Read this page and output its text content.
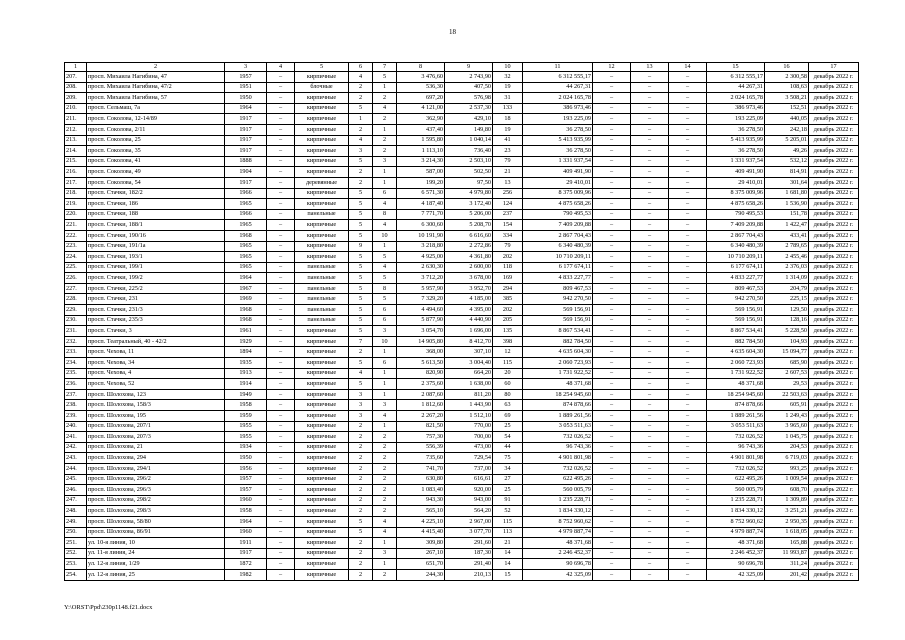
18
1	2	3	4	5	6	7	8	9	10	11	12	13	14	15	16	17
207.	просп. Михаила Нагибина, 47	1957	–	кирпичные	4	5	3 476,60	2 743,90	32	6 312 555,17	–	–	–	6 312 555,17	2 300,58	декабрь 2022 г.
208.	просп. Михаила Нагибина, 47/2	1951	–	блочные	2	1	536,30	407,50	19	44 267,31	–	–	–	44 267,31	108,63	декабрь 2022 г.
209.	просп. Михаила Нагибина, 57	1950	–	кирпичные	2	2	697,20	576,98	31	2 024 165,78	–	–	–	2 024 165,78	3 508,21	декабрь 2022 г.
210.	просп. Сельмаш, 7а	1964	–	кирпичные	5	4	4 121,00	2 537,30	133	386 973,46	–	–	–	386 973,46	152,51	декабрь 2022 г.
211.	просп. Соколова, 12-14/89	1917	–	кирпичные	1	2	362,90	429,10	18	193 225,09	–	–	–	193 225,09	440,05	декабрь 2022 г.
212.	просп. Соколова, 2/11	1917	–	кирпичные	2	1	437,40	149,80	19	36 278,50	–	–	–	36 278,50	242,18	декабрь 2022 г.
213.	просп. Соколова, 25	1917	–	кирпичные	4	2	1 595,80	1 040,14	41	5 413 935,99	–	–	–	5 413 935,99	5 205,01	декабрь 2022 г.
214.	просп. Соколова, 35	1917	–	кирпичные	3	2	1 113,10	736,40	23	36 278,50	–	–	–	36 278,50	49,26	декабрь 2022 г.
215.	просп. Соколова, 41	1888	–	кирпичные	5	3	3 214,30	2 503,10	79	1 331 937,54	–	–	–	1 331 937,54	532,12	декабрь 2022 г.
216.	просп. Соколова, 49	1904	–	кирпичные	2	1	587,00	502,50	21	409 491,90	–	–	–	409 491,90	814,91	декабрь 2022 г.
217.	просп. Соколова, 54	1917	–	деревянные	2	1	199,20	97,50	13	29 410,01	–	–	–	29 410,01	301,64	декабрь 2022 г.
218.	просп. Стачки, 182/2	1966	–	кирпичные	5	6	6 571,30	4 979,80	256	8 375 009,96	–	–	–	8 375 009,96	1 681,80	декабрь 2022 г.
219.	просп. Стачки, 186	1965	–	кирпичные	5	4	4 187,40	3 172,40	124	4 875 658,26	–	–	–	4 875 658,26	1 536,90	декабрь 2022 г.
220.	просп. Стачки, 188	1966	–	панельные	5	8	7 771,70	5 206,00	237	790 495,53	–	–	–	790 495,53	151,78	декабрь 2022 г.
221.	просп. Стачки, 188/1	1965	–	кирпичные	5	4	6 300,60	5 208,70	154	7 409 209,88	–	–	–	7 409 209,88	1 422,47	декабрь 2022 г.
222.	просп. Стачки, 190/16	1968	–	кирпичные	5	10	10 191,90	6 616,60	334	2 867 704,43	–	–	–	2 867 704,43	433,41	декабрь 2022 г.
223.	просп. Стачки, 191/1а	1965	–	кирпичные	9	1	3 218,80	2 272,86	79	6 340 480,39	–	–	–	6 340 480,39	2 789,65	декабрь 2022 г.
224.	просп. Стачки, 193/1	1965	–	кирпичные	5	5	4 925,00	4 361,80	202	10 710 209,11	–	–	–	10 710 209,11	2 455,46	декабрь 2022 г.
225.	просп. Стачки, 199/1	1965	–	панельные	5	4	2 630,30	2 600,00	118	6 177 674,11	–	–	–	6 177 674,11	2 376,03	декабрь 2022 г.
226.	просп. Стачки, 199/2	1964	–	панельные	5	5	3 712,20	3 678,00	169	4 833 227,77	–	–	–	4 833 227,77	1 314,09	декабрь 2022 г.
227.	просп. Стачки, 225/2	1967	–	панельные	5	8	5 957,90	3 952,70	294	809 467,53	–	–	–	809 467,53	204,79	декабрь 2022 г.
228.	просп. Стачки, 231	1969	–	панельные	5	5	7 329,20	4 185,00	385	942 270,50	–	–	–	942 270,50	225,15	декабрь 2022 г.
229.	просп. Стачки, 231/3	1968	–	панельные	5	6	4 494,60	4 395,00	202	569 156,91	–	–	–	569 156,91	129,50	декабрь 2022 г.
230.	просп. Стачки, 235/3	1968	–	панельные	5	6	5 877,90	4 440,90	205	569 156,91	–	–	–	569 156,91	128,16	декабрь 2022 г.
231.	просп. Стачки, 3	1961	–	кирпичные	5	3	3 054,70	1 696,00	135	8 867 534,41	–	–	–	8 867 534,41	5 228,50	декабрь 2022 г.
232.	просп. Театральный, 40 - 42/2	1929	–	кирпичные	7	10	14 905,80	8 412,70	398	882 784,50	–	–	–	882 784,50	104,93	декабрь 2022 г.
233.	просп. Чехова, 11	1894	–	кирпичные	2	1	368,00	307,10	12	4 635 604,30	–	–	–	4 635 604,30	15 094,77	декабрь 2022 г.
234.	просп. Чехова, 34	1935	–	кирпичные	5	6	5 613,50	3 004,40	115	2 060 723,93	–	–	–	2 060 723,93	685,90	декабрь 2022 г.
235.	просп. Чехова, 4	1913	–	кирпичные	4	1	820,90	664,20	20	1 731 922,52	–	–	–	1 731 922,52	2 607,53	декабрь 2022 г.
236.	просп. Чехова, 52	1914	–	кирпичные	5	1	2 375,60	1 638,00	60	48 371,68	–	–	–	48 371,68	29,53	декабрь 2022 г.
237.	просп. Шолохова, 123	1949	–	кирпичные	3	1	2 087,60	811,20	80	18 254 945,60	–	–	–	18 254 945,60	22 503,63	декабрь 2022 г.
238.	просп. Шолохова, 158/3	1958	–	кирпичные	3	3	1 812,60	1 443,90	63	874 878,66	–	–	–	874 878,66	605,91	декабрь 2022 г.
239.	просп. Шолохова, 195	1959	–	кирпичные	3	4	2 267,20	1 512,10	69	1 889 261,56	–	–	–	1 889 261,56	1 249,43	декабрь 2022 г.
240.	просп. Шолохова, 207/1	1955	–	кирпичные	2	1	821,50	770,00	25	3 053 511,63	–	–	–	3 053 511,63	3 965,60	декабрь 2022 г.
241.	просп. Шолохова, 207/3	1955	–	кирпичные	2	2	757,30	700,00	54	732 026,52	–	–	–	732 026,52	1 045,75	декабрь 2022 г.
242.	просп. Шолохова, 21	1934	–	кирпичные	2	2	556,39	473,00	44	96 743,36	–	–	–	96 743,36	204,53	декабрь 2022 г.
243.	просп. Шолохова, 294	1950	–	кирпичные	2	2	735,60	729,54	75	4 901 801,98	–	–	–	4 901 801,98	6 719,03	декабрь 2022 г.
244.	просп. Шолохова, 294/1	1956	–	кирпичные	2	2	741,70	737,00	34	732 026,52	–	–	–	732 026,52	993,25	декабрь 2022 г.
245.	просп. Шолохова, 296/2	1957	–	кирпичные	2	2	630,80	616,61	27	622 495,26	–	–	–	622 495,26	1 009,54	декабрь 2022 г.
246.	просп. Шолохова, 296/3	1957	–	кирпичные	2	2	1 083,40	920,00	25	560 005,79	–	–	–	560 005,79	608,70	декабрь 2022 г.
247.	просп. Шолохова, 298/2	1960	–	кирпичные	2	2	943,30	943,00	91	1 235 228,71	–	–	–	1 235 228,71	1 309,89	декабрь 2022 г.
248.	просп. Шолохова, 298/3	1958	–	кирпичные	2	2	565,10	564,20	52	1 834 330,12	–	–	–	1 834 330,12	3 251,21	декабрь 2022 г.
249.	просп. Шолохова, 58/80	1964	–	кирпичные	5	4	4 225,10	2 967,00	115	8 752 960,62	–	–	–	8 752 960,62	2 950,35	декабрь 2022 г.
250.	просп. Шолохова, 86/91	1960	–	кирпичные	5	4	4 415,40	3 077,70	113	4 979 887,74	–	–	–	4 979 887,74	1 618,05	декабрь 2022 г.
251.	ул. 10-я линия, 10	1911	–	кирпичные	2	1	309,80	291,60	21	48 371,68	–	–	–	48 371,68	165,88	декабрь 2022 г.
252.	ул. 11-я линия, 24	1917	–	кирпичные	2	3	267,10	187,30	14	2 246 452,37	–	–	–	2 246 452,37	11 993,87	декабрь 2022 г.
253.	ул. 12-я линия, 1/29	1872	–	кирпичные	2	1	651,70	291,40	14	90 696,78	–	–	–	90 696,78	311,24	декабрь 2022 г.
254.	ул. 12-я линия, 25	1982	–	кирпичные	2	2	244,30	210,13	15	42 325,09	–	–	–	42 325,09	201,42	декабрь 2022 г.
Y:\ORST\Ppd\230p1148.f21.docx
